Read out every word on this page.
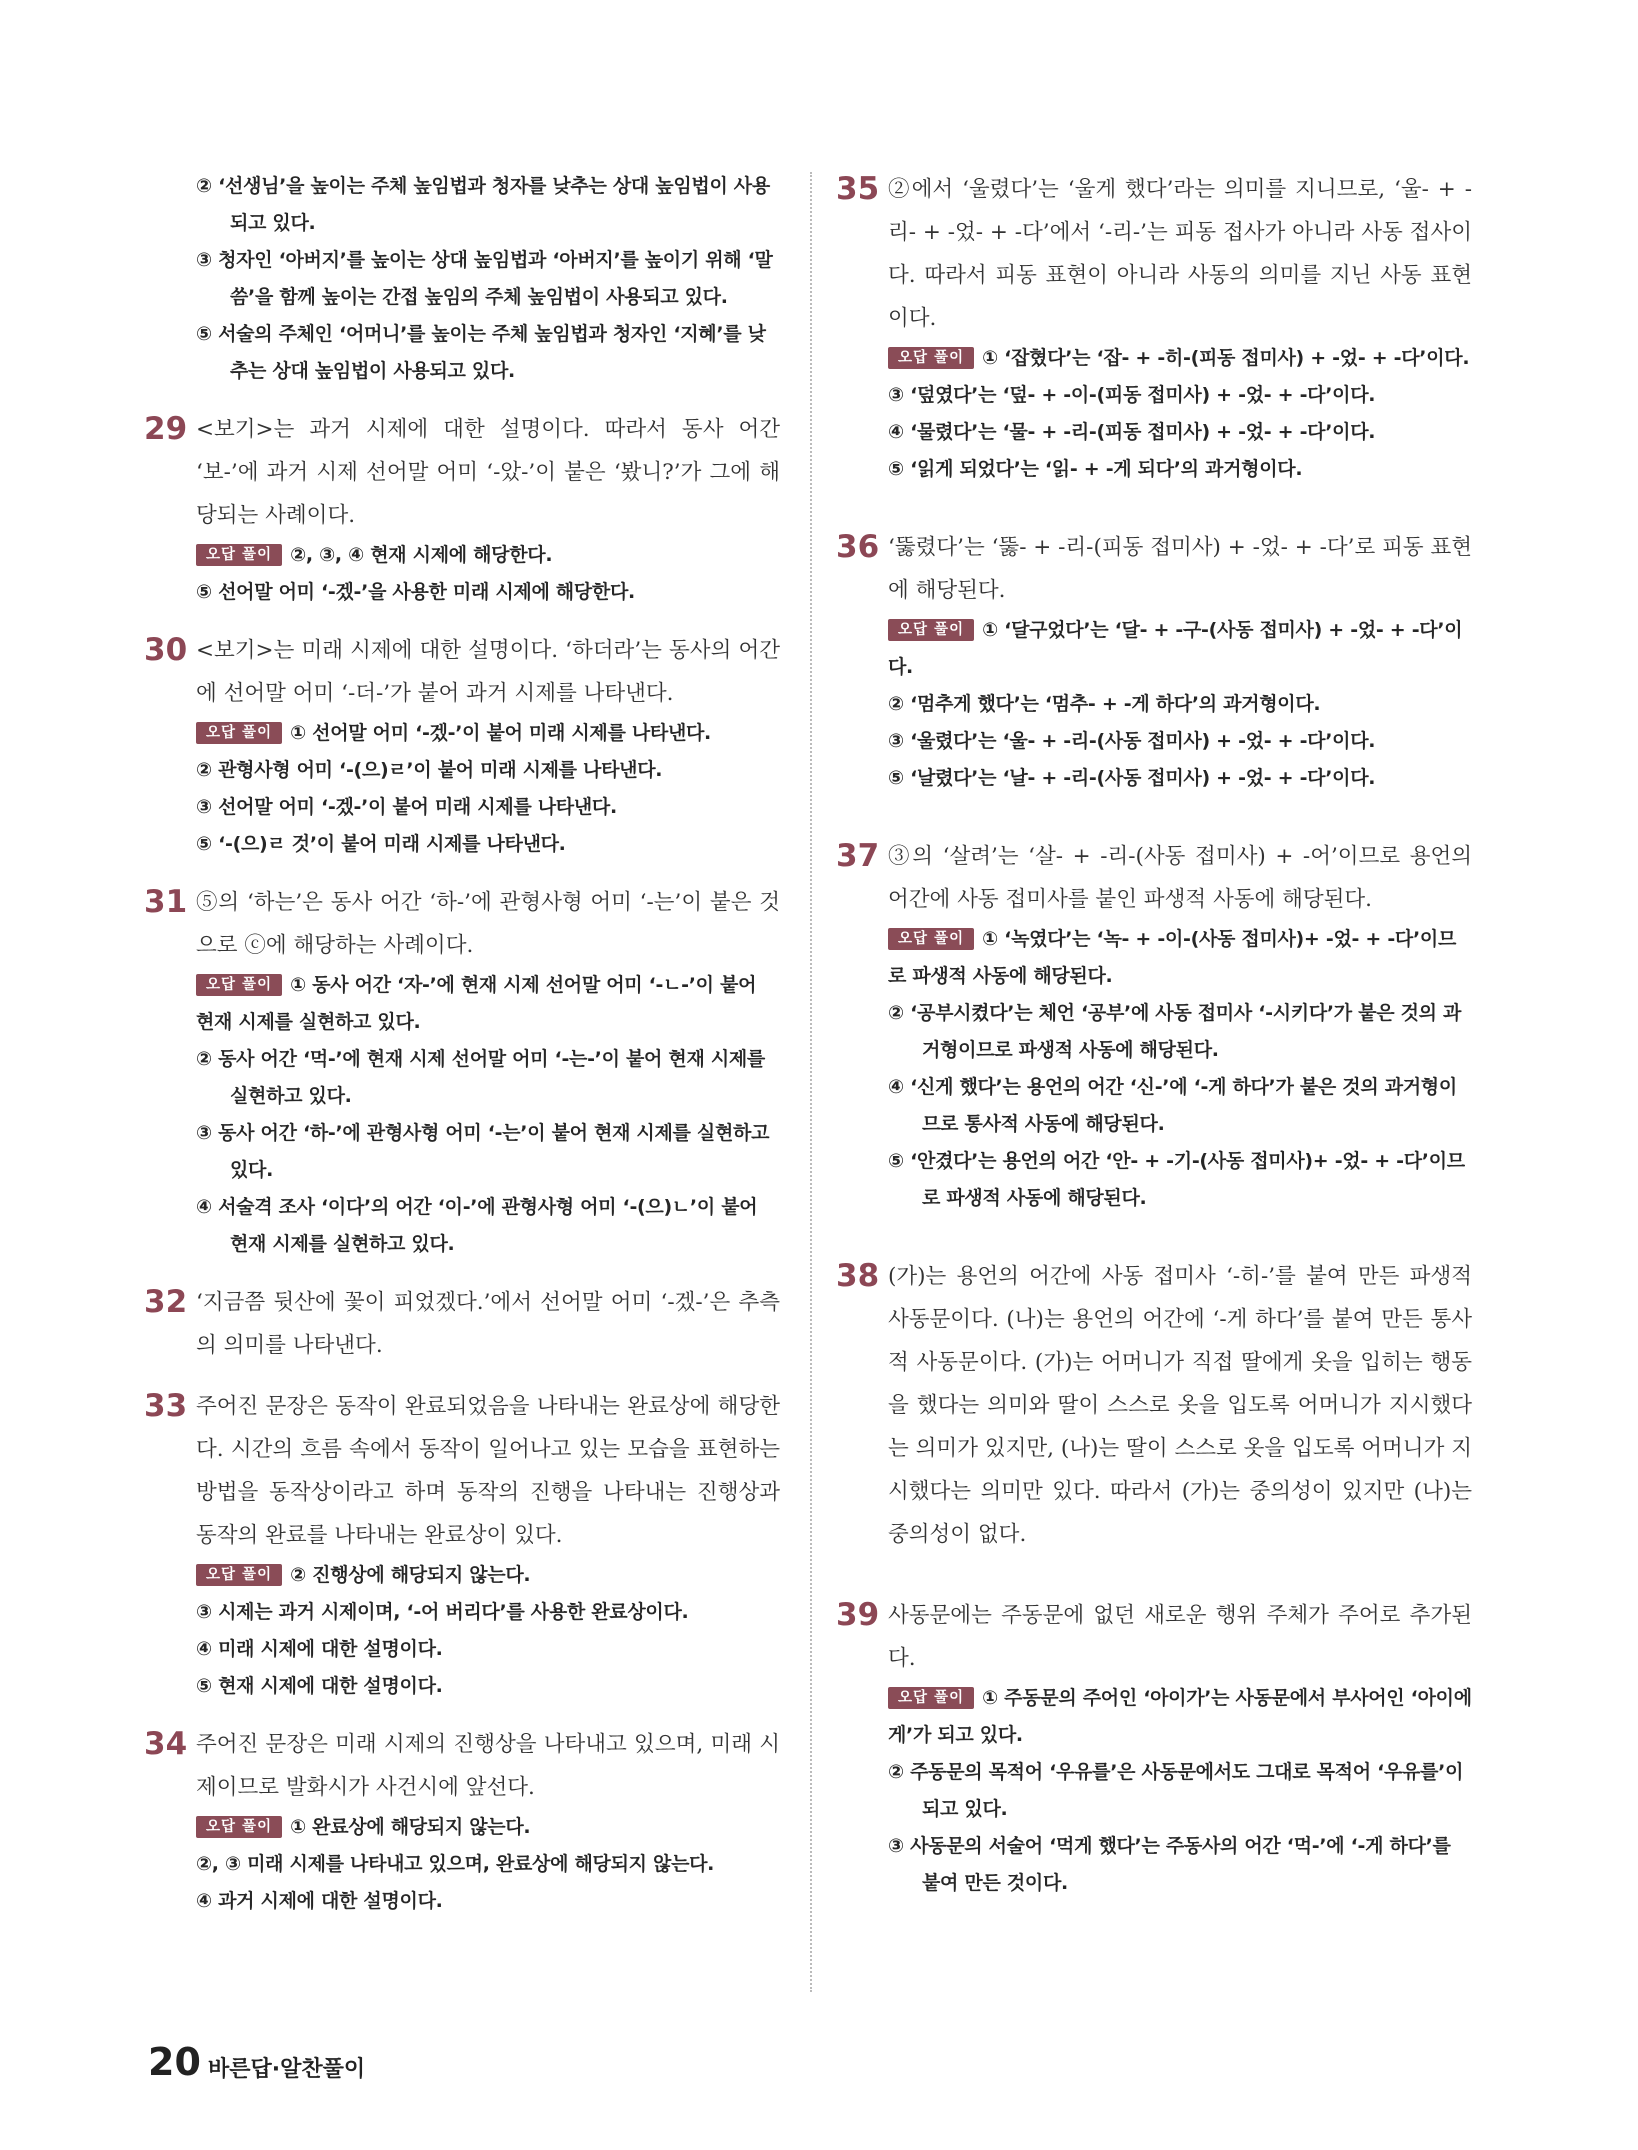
② ‘선생님’을 높이는 주체 높임법과 청자를 낮추는 상대 높임법이 사용되고 있다.
③ 청자인 ‘아버지’를 높이는 상대 높임법과 ‘아버지’를 높이기 위해 ‘말씀’을 함께 높이는 간접 높임의 주체 높임법이 사용되고 있다.
⑤ 서술의 주체인 ‘어머니’를 높이는 주체 높임법과 청자인 ‘지혜’를 낮추는 상대 높임법이 사용되고 있다.
29 <보기>는 과거 시제에 대한 설명이다. 따라서 동사 어간 ‘보-’에 과거 시제 선어말 어미 ‘-았-’이 붙은 ‘봤니?’가 그에 해당되는 사례이다.
오답 풀이 ②, ③, ④ 현재 시제에 해당한다.
⑤ 선어말 어미 ‘-겠-’을 사용한 미래 시제에 해당한다.
30 <보기>는 미래 시제에 대한 설명이다. ‘하더라’는 동사의 어간에 선어말 어미 ‘-더-’가 붙어 과거 시제를 나타낸다.
오답 풀이 ① 선어말 어미 ‘-겠-’이 붙어 미래 시제를 나타낸다.
② 관형사형 어미 ‘-(으)ㄹ’이 붙어 미래 시제를 나타낸다.
③ 선어말 어미 ‘-겠-’이 붙어 미래 시제를 나타낸다.
⑤ ‘-(으)ㄹ 것’이 붙어 미래 시제를 나타낸다.
31 ⑤의 ‘하는’은 동사 어간 ‘하-’에 관형사형 어미 ‘-는’이 붙은 것으로 ⓒ에 해당하는 사례이다.
오답 풀이 ① 동사 어간 ‘자-’에 현재 시제 선어말 어미 ‘-ㄴ-’이 붙어 현재 시제를 실현하고 있다.
② 동사 어간 ‘먹-’에 현재 시제 선어말 어미 ‘-는-’이 붙어 현재 시제를 실현하고 있다.
③ 동사 어간 ‘하-’에 관형사형 어미 ‘-는’이 붙어 현재 시제를 실현하고 있다.
④ 서술격 조사 ‘이다’의 어간 ‘이-’에 관형사형 어미 ‘-(으)ㄴ’이 붙어 현재 시제를 실현하고 있다.
32 ‘지금쯤 뒷산에 꽃이 피었겠다.’에서 선어말 어미 ‘-겠-’은 추측의 의미를 나타낸다.
33 주어진 문장은 동작이 완료되었음을 나타내는 완료상에 해당한다. 시간의 흐름 속에서 동작이 일어나고 있는 모습을 표현하는 방법을 동작상이라고 하며 동작의 진행을 나타내는 진행상과 동작의 완료를 나타내는 완료상이 있다.
오답 풀이 ② 진행상에 해당되지 않는다.
③ 시제는 과거 시제이며, ‘-어 버리다’를 사용한 완료상이다.
④ 미래 시제에 대한 설명이다.
⑤ 현재 시제에 대한 설명이다.
34 주어진 문장은 미래 시제의 진행상을 나타내고 있으며, 미래 시제이므로 발화시가 사건시에 앞선다.
오답 풀이 ① 완료상에 해당되지 않는다.
②, ③ 미래 시제를 나타내고 있으며, 완료상에 해당되지 않는다.
④ 과거 시제에 대한 설명이다.
35 ②에서 ‘울렸다’는 ‘울게 했다’라는 의미를 지니므로, ‘울- + -리- + -었- + -다’에서 ‘-리-’는 피동 접사가 아니라 사동 접사이다. 따라서 피동 표현이 아니라 사동의 의미를 지닌 사동 표현이다.
오답 풀이 ① ‘잡혔다’는 ‘잡- + -히-(피동 접미사) + -었- + -다’이다.
③ ‘덮였다’는 ‘덮- + -이-(피동 접미사) + -었- + -다’이다.
④ ‘물렸다’는 ‘물- + -리-(피동 접미사) + -었- + -다’이다.
⑤ ‘읽게 되었다’는 ‘읽- + -게 되다’의 과거형이다.
36 ‘뚫렸다’는 ‘뚫- + -리-(피동 접미사) + -었- + -다’로 피동 표현에 해당된다.
오답 풀이 ① ‘달구었다’는 ‘달- + -구-(사동 접미사) + -었- + -다’이다.
② ‘멈추게 했다’는 ‘멈추- + -게 하다’의 과거형이다.
③ ‘울렸다’는 ‘울- + -리-(사동 접미사) + -었- + -다’이다.
⑤ ‘날렸다’는 ‘날- + -리-(사동 접미사) + -었- + -다’이다.
37 ③의 ‘살려’는 ‘살- + -리-(사동 접미사) + -어’이므로 용언의 어간에 사동 접미사를 붙인 파생적 사동에 해당된다.
오답 풀이 ① ‘녹였다’는 ‘녹- + -이-(사동 접미사)+ -었- + -다’이므로 파생적 사동에 해당된다.
② ‘공부시켰다’는 체언 ‘공부’에 사동 접미사 ‘-시키다’가 붙은 것의 과거형이므로 파생적 사동에 해당된다.
④ ‘신게 했다’는 용언의 어간 ‘신-’에 ‘-게 하다’가 붙은 것의 과거형이므로 통사적 사동에 해당된다.
⑤ ‘안겼다’는 용언의 어간 ‘안- + -기-(사동 접미사)+ -었- + -다’이므로 파생적 사동에 해당된다.
38 (가)는 용언의 어간에 사동 접미사 ‘-히-’를 붙여 만든 파생적 사동문이다. (나)는 용언의 어간에 ‘-게 하다’를 붙여 만든 통사적 사동문이다. (가)는 어머니가 직접 딸에게 옷을 입히는 행동을 했다는 의미와 딸이 스스로 옷을 입도록 어머니가 지시했다는 의미가 있지만, (나)는 딸이 스스로 옷을 입도록 어머니가 지시했다는 의미만 있다. 따라서 (가)는 중의성이 있지만 (나)는 중의성이 없다.
39 사동문에는 주동문에 없던 새로운 행위 주체가 주어로 추가된다.
오답 풀이 ① 주동문의 주어인 ‘아이가’는 사동문에서 부사어인 ‘아이에게’가 되고 있다.
② 주동문의 목적어 ‘우유를’은 사동문에서도 그대로 목적어 ‘우유를’이 되고 있다.
③ 사동문의 서술어 ‘먹게 했다’는 주동사의 어간 ‘먹-’에 ‘-게 하다’를 붙여 만든 것이다.
20 바른답·알찬풀이
